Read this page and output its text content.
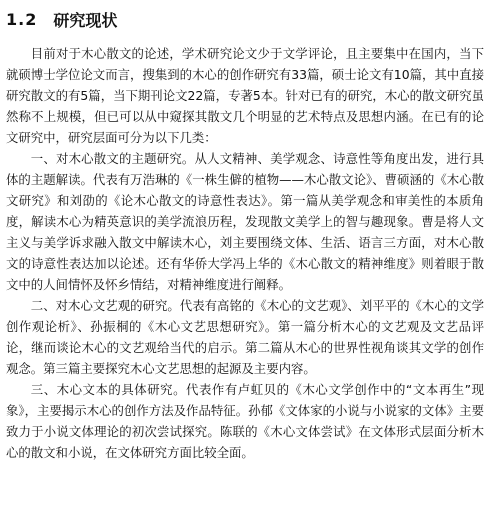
1.2 研究现状

目前对于木心散文的论述，学术研究论文少于文学评论，且主要集中在国内，当下就硕博士学位论文而言，搜集到的木心的创作研究有33篇，硕士论文有10篇，其中直接研究散文的有5篇，当下期刊论文22篇，专著5本。针对已有的研究，木心的散文研究虽然称不上规模，但已可以从中窥探其散文几个明显的艺术特点及思想内涵。在已有的论文研究中，研究层面可分为以下几类：

一、对木心散文的主题研究。从人文精神、美学观念、诗意性等角度出发，进行具体的主题解读。代表有万浩琳的《一株生僻的植物——木心散文论》、曹硕涵的《木心散文研究》和刘劭的《论木心散文的诗意性表达》。第一篇从美学观念和审美性的本质角度，解读木心为精英意识的美学流浪历程，发现散文美学上的智与趣现象。曹是将人文主义与美学诉求融入散文中解读木心，刘主要围绕文体、生活、语言三方面，对木心散文的诗意性表达加以论述。还有华侨大学冯上华的《木心散文的精神维度》则着眼于散文中的人间情怀及怀乡情结，对精神维度进行阐释。

二、对木心文艺观的研究。代表有高铭的《木心的文艺观》、刘平平的《木心的文学创作观论析》、孙振桐的《木心文艺思想研究》。第一篇分析木心的文艺观及文艺品评论，继而谈论木心的文艺观给当代的启示。第二篇从木心的世界性视角谈其文学的创作观念。第三篇主要探究木心文艺思想的起源及主要内容。

三、木心文本的具体研究。代表作有卢虹贝的《木心文学创作中的“文本再生”现象》，主要揭示木心的创作方法及作品特征。孙郁《文体家的小说与小说家的文体》主要致力于小说文体理论的初次尝试探究。陈联的《木心文体尝试》在文体形式层面分析木心的散文和小说，在文体研究方面比较全面。
